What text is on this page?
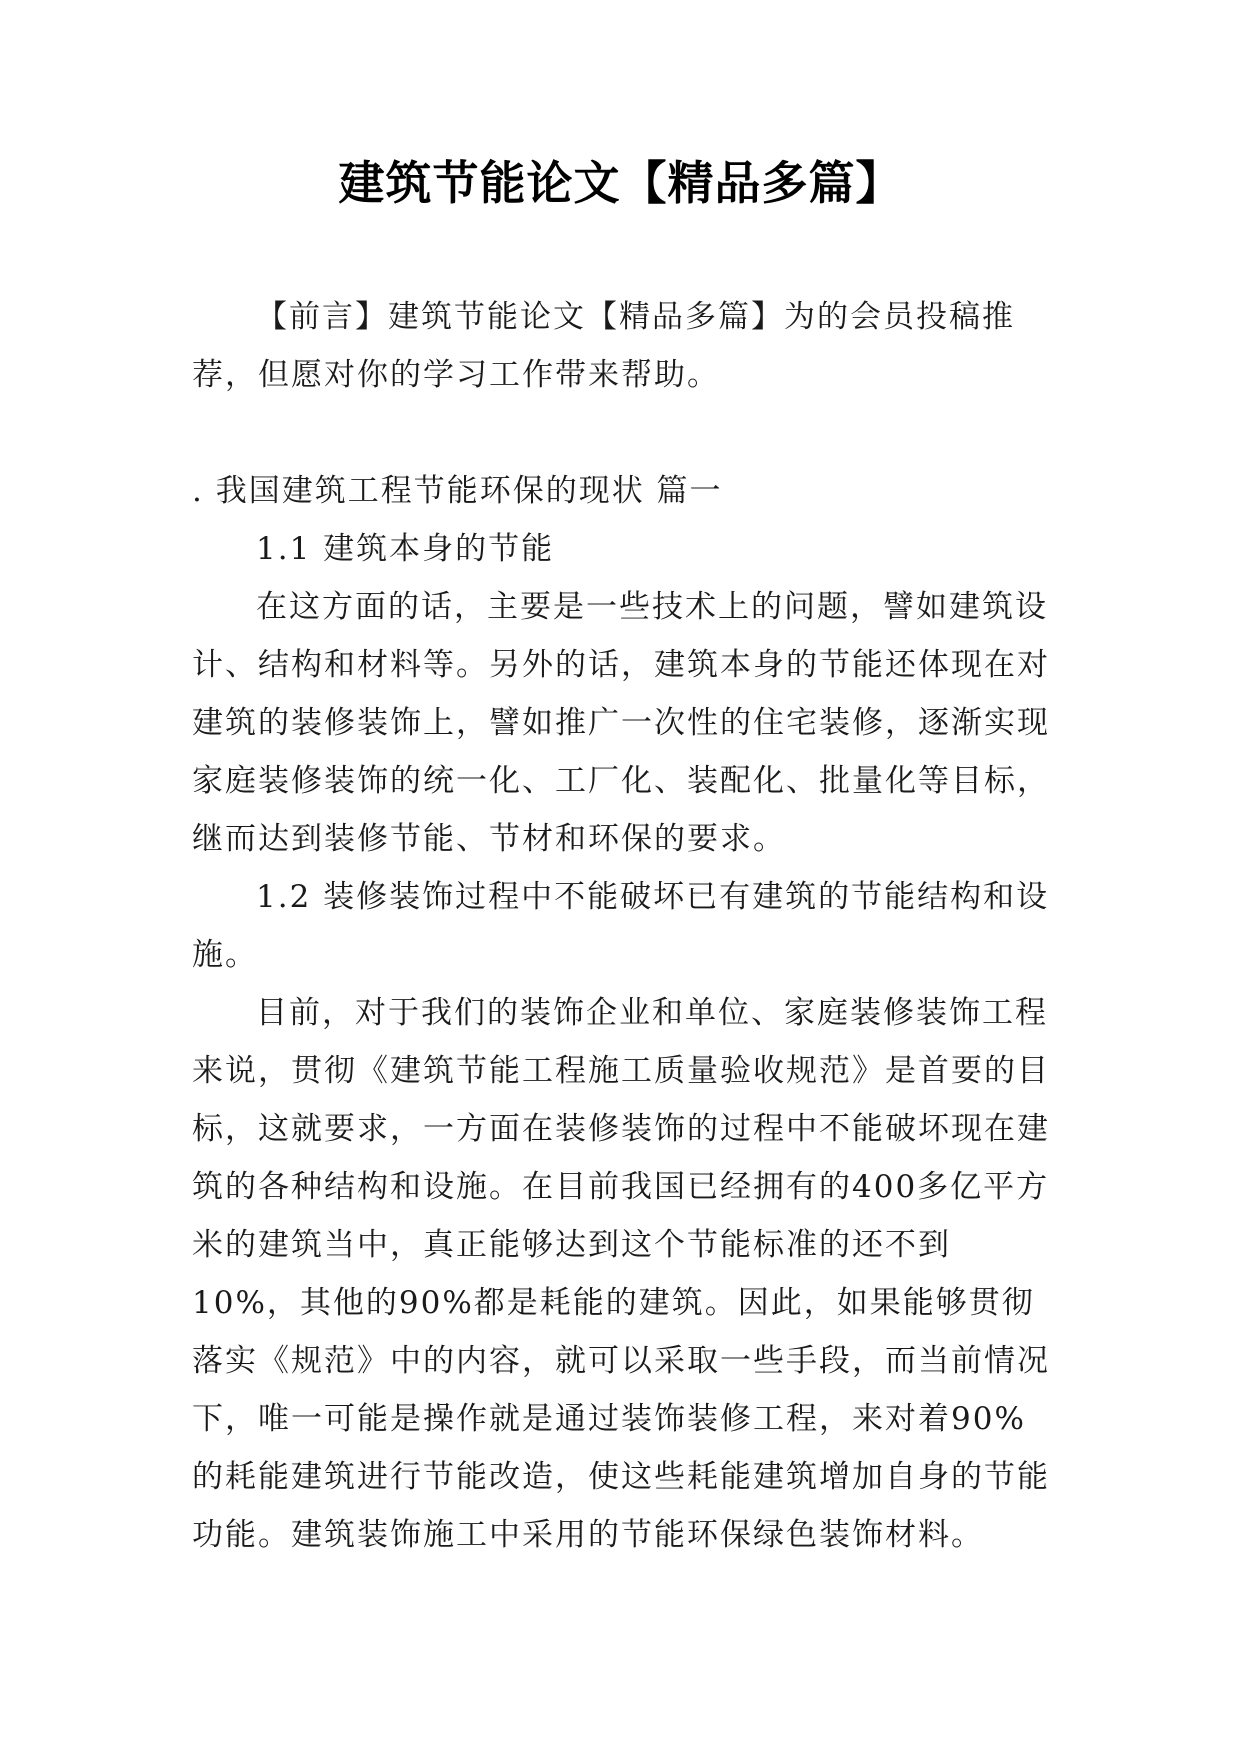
建筑节能论文【精品多篇】

【前言】建筑节能论文【精品多篇】为的会员投稿推荐，但愿对你的学习工作带来帮助。

. 我国建筑工程节能环保的现状 篇一

1.1 建筑本身的节能

在这方面的话，主要是一些技术上的问题，譬如建筑设计、结构和材料等。另外的话，建筑本身的节能还体现在对建筑的装修装饰上，譬如推广一次性的住宅装修，逐渐实现家庭装修装饰的统一化、工厂化、装配化、批量化等目标，继而达到装修节能、节材和环保的要求。

1.2 装修装饰过程中不能破坏已有建筑的节能结构和设施。

目前，对于我们的装饰企业和单位、家庭装修装饰工程来说，贯彻《建筑节能工程施工质量验收规范》是首要的目标，这就要求，一方面在装修装饰的过程中不能破坏现在建筑的各种结构和设施。在目前我国已经拥有的400多亿平方米的建筑当中，真正能够达到这个节能标准的还不到10%，其他的90%都是耗能的建筑。因此，如果能够贯彻落实《规范》中的内容，就可以采取一些手段，而当前情况下，唯一可能是操作就是通过装饰装修工程，来对着90%的耗能建筑进行节能改造，使这些耗能建筑增加自身的节能功能。建筑装饰施工中采用的节能环保绿色装饰材料。
